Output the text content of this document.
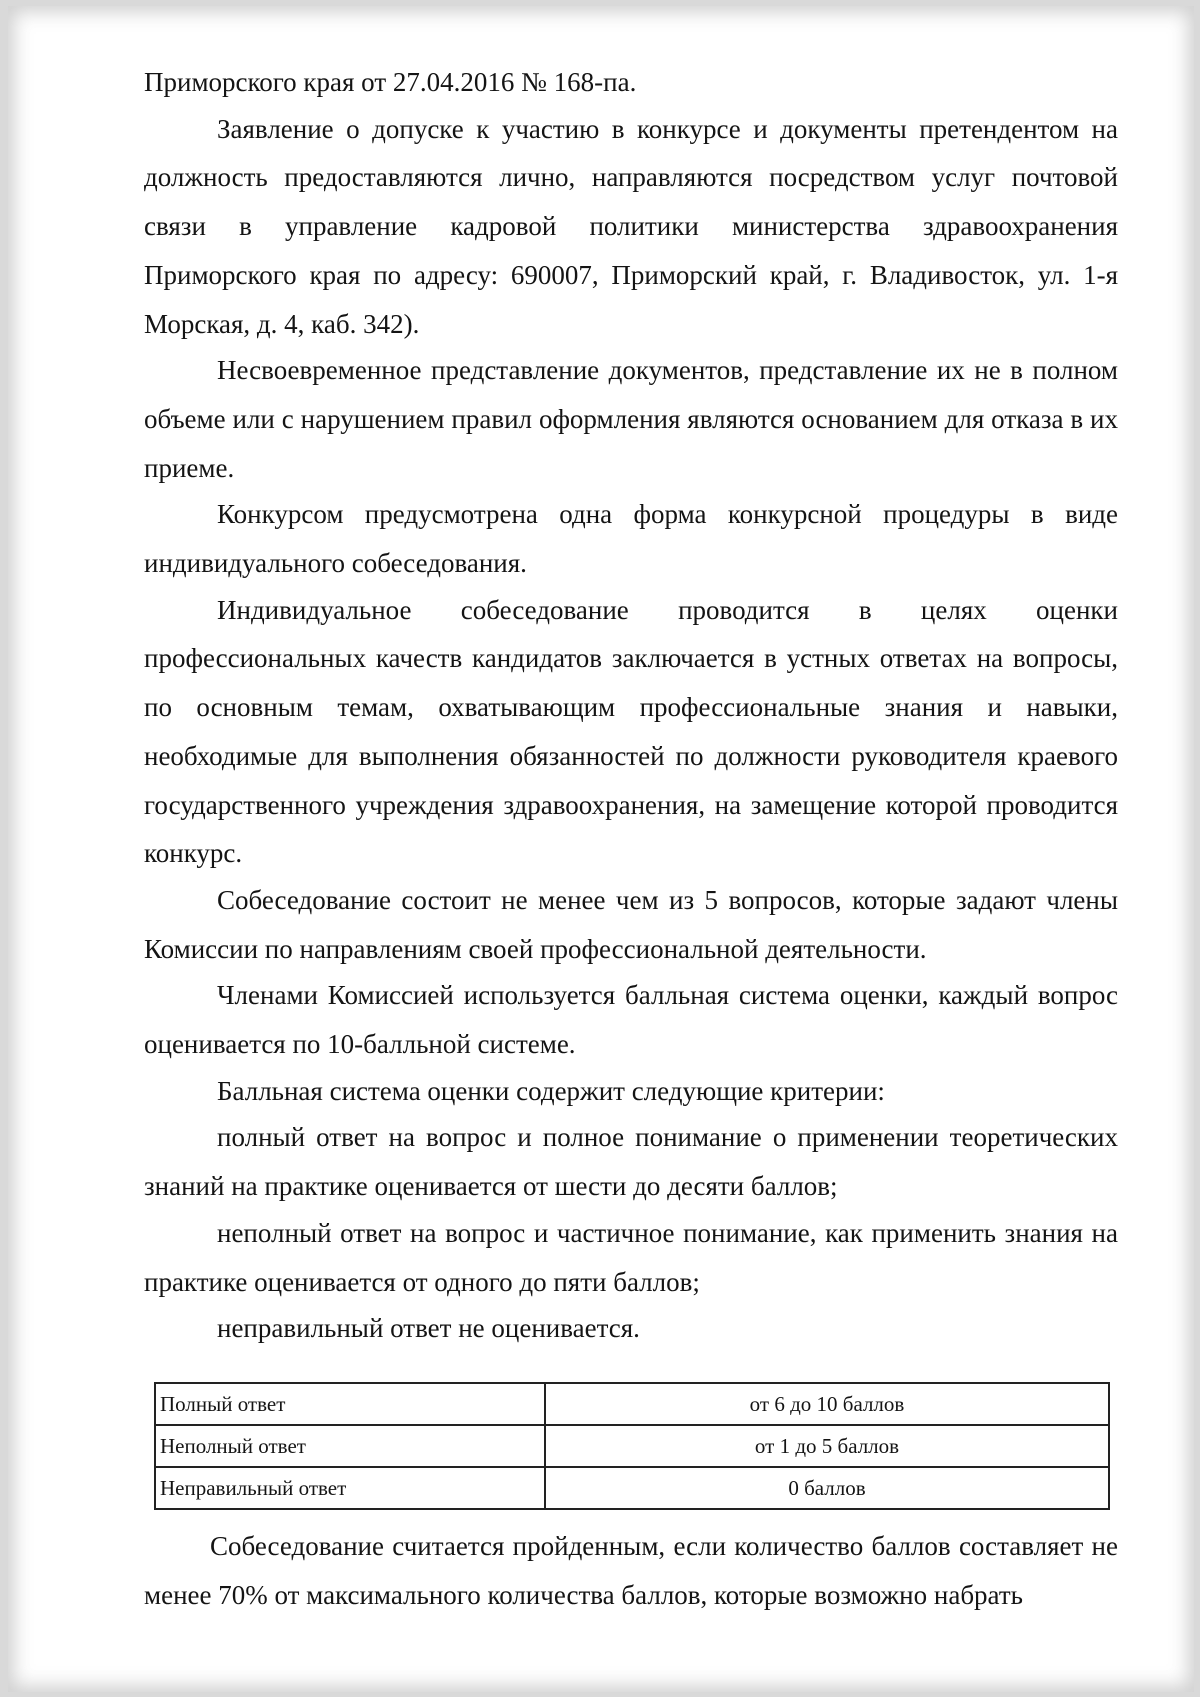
Приморского края от 27.04.2016 № 168-па.

Заявление о допуске к участию в конкурсе и документы претендентом на должность предоставляются лично, направляются посредством услуг почтовой связи в управление кадровой политики министерства здравоохранения Приморского края по адресу: 690007, Приморский край, г. Владивосток, ул. 1-я Морская, д. 4, каб. 342).

Несвоевременное представление документов, представление их не в полном объеме или с нарушением правил оформления являются основанием для отказа в их приеме.

Конкурсом предусмотрена одна форма конкурсной процедуры в виде индивидуального собеседования.

Индивидуальное собеседование проводится в целях оценки профессиональных качеств кандидатов заключается в устных ответах на вопросы, по основным темам, охватывающим профессиональные знания и навыки, необходимые для выполнения обязанностей по должности руководителя краевого государственного учреждения здравоохранения, на замещение которой проводится конкурс.

Собеседование состоит не менее чем из 5 вопросов, которые задают члены Комиссии по направлениям своей профессиональной деятельности.

Членами Комиссией используется балльная система оценки, каждый вопрос оценивается по 10-балльной системе.

Балльная система оценки содержит следующие критерии:

полный ответ на вопрос и полное понимание о применении теоретических знаний на практике оценивается от шести до десяти баллов;

неполный ответ на вопрос и частичное понимание, как применить знания на практике оценивается от одного до пяти баллов;

неправильный ответ не оценивается.

Полный ответ	от 6 до 10 баллов
Неполный ответ	от 1 до 5 баллов
Неправильный ответ	0 баллов

Собеседование считается пройденным, если количество баллов составляет не менее 70% от максимального количества баллов, которые возможно набрать
